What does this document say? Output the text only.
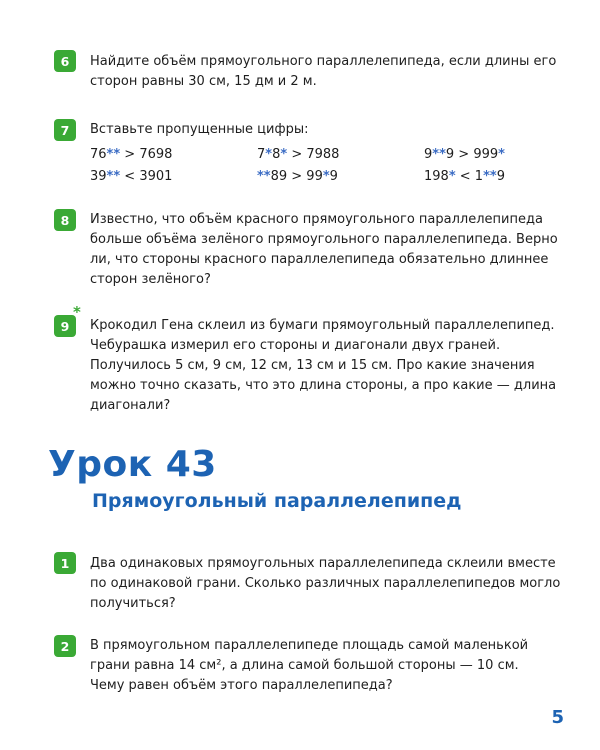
6	Найдите объём прямоугольного параллелепипеда, если длины его
сторон равны 30 см, 15 дм и 2 м.

7	Вставьте пропущенные цифры:

76** > 7698	7*8* > 7988	9**9 > 999*
39** < 3901	**89 > 99*9	198* < 1**9
8	Известно, что объём красного прямоугольного параллелепипеда
больше объёма зелёного прямоугольного параллелепипеда. Верно
ли, что стороны красного параллелепипеда обязательно длиннее
сторон зелёного?

9
*

Крокодил Гена склеил из бумаги прямоугольный параллелепипед.
Чебурашка измерил его стороны и диагонали двух граней.
Получилось 5 см, 9 см, 12 см, 13 см и 15 см. Про какие значения
можно точно сказать, что это длина стороны, а про какие — длина
диагонали?

Урок 43
Прямоугольный параллелепипед
1	Два одинаковых прямоугольных параллелепипеда склеили вместе
по одинаковой грани. Сколько различных параллелепипедов могло
получиться?

2	В прямоугольном параллелепипеде площадь самой маленькой
грани равна 14 см², а длина самой большой стороны — 10 см.
Чему равен объём этого параллелепипеда?

5
